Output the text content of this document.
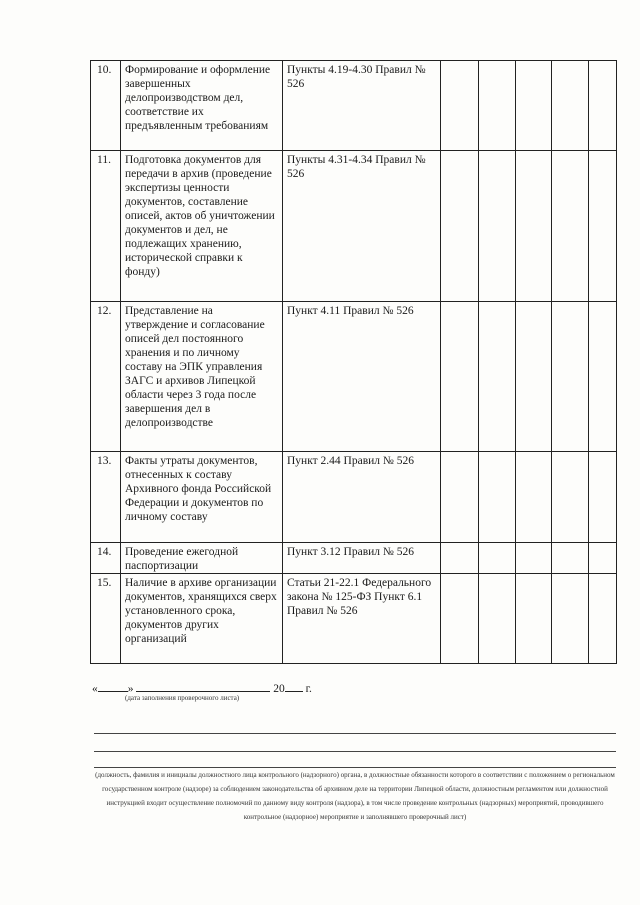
10.	Формирование и оформление завершенных делопроизводством дел, соответствие их предъявленным требованиям	Пункты 4.19-4.30 Правил № 526					
11.	Подготовка документов для передачи в архив (проведение экспертизы ценности документов, составление описей, актов об уничтожении документов и дел, не подлежащих хранению, исторической справки к фонду)	Пункты 4.31-4.34 Правил № 526					
12.	Представление на утверждение и согласование описей дел постоянного хранения и по личному составу на ЭПК управления ЗАГС и архивов Липецкой области через 3 года после завершения дел в делопроизводстве	Пункт 4.11 Правил № 526					
13.	Факты утраты документов, отнесенных к составу Архивного фонда Российской Федерации и документов по личному составу	Пункт 2.44 Правил № 526					
14.	Проведение ежегодной паспортизации	Пункт 3.12 Правил № 526					
15.	Наличие в архиве организации документов, хранящихся сверх установленного срока, документов других организаций	Статьи 21-22.1 Федерального закона № 125-ФЗ Пункт 6.1 Правил № 526					
«	»	20 г.
(дата заполнения проверочного листа)
(должность, фамилия и инициалы должностного лица контрольного (надзорного) органа, в должностные обязанности которого в соответствии с положением о региональном государственном контроле (надзоре) за соблюдением законодательства об архивном деле на территории Липецкой области, должностным регламентом или должностной инструкцией входит осуществление полномочий по данному виду контроля (надзора), в том числе проведение контрольных (надзорных) мероприятий, проводившего контрольное (надзорное) мероприятие и заполнявшего проверочный лист)
